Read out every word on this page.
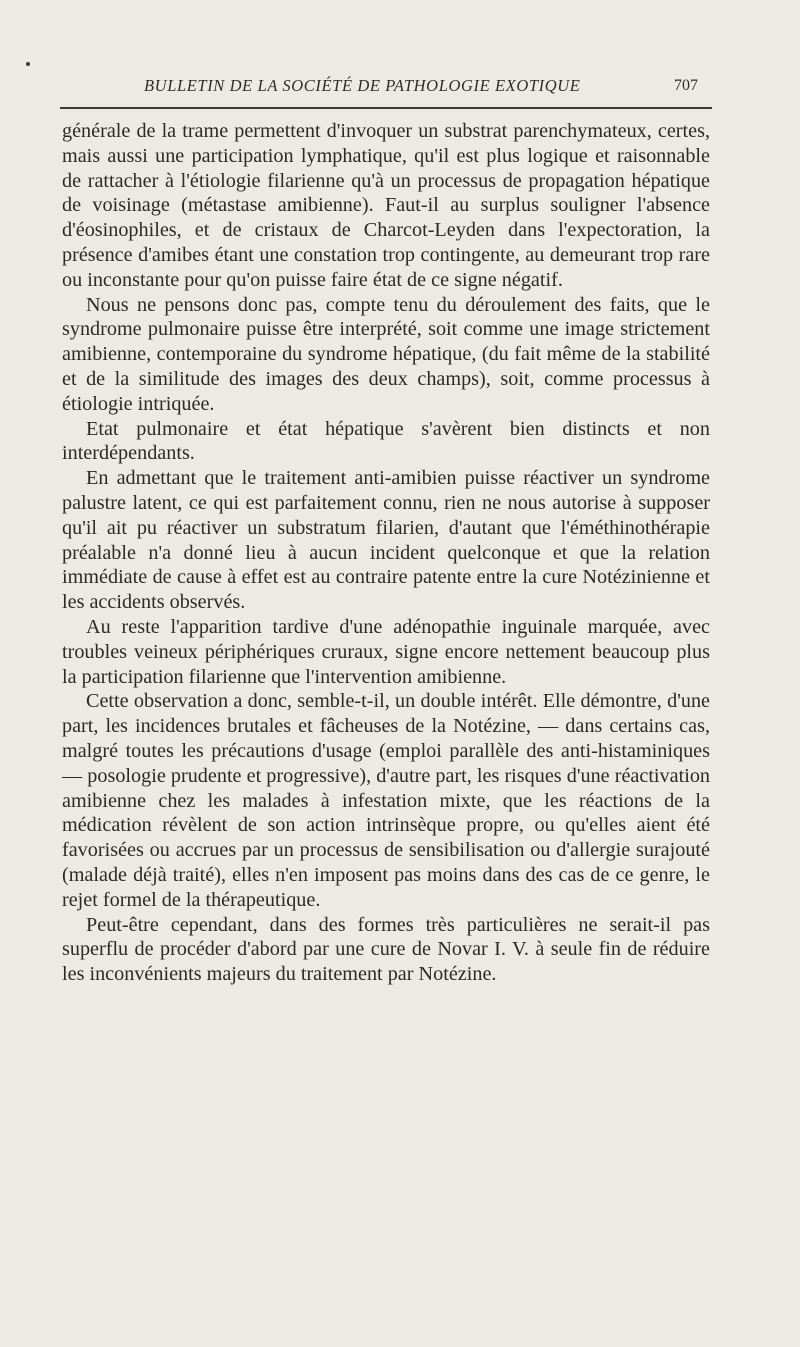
BULLETIN DE LA SOCIÉTÉ DE PATHOLOGIE EXOTIQUE	707

générale de la trame permettent d'invoquer un substrat parenchymateux, certes, mais aussi une participation lymphatique, qu'il est plus logique et raisonnable de rattacher à l'étiologie filarienne qu'à un processus de propagation hépatique de voisinage (métastase amibienne). Faut-il au surplus souligner l'absence d'éosinophiles, et de cristaux de Charcot-Leyden dans l'expectoration, la présence d'amibes étant une constation trop contingente, au demeurant trop rare ou inconstante pour qu'on puisse faire état de ce signe négatif.

Nous ne pensons donc pas, compte tenu du déroulement des faits, que le syndrome pulmonaire puisse être interprété, soit comme une image strictement amibienne, contemporaine du syndrome hépatique, (du fait même de la stabilité et de la similitude des images des deux champs), soit, comme processus à étiologie intriquée.

Etat pulmonaire et état hépatique s'avèrent bien distincts et non interdépendants.

En admettant que le traitement anti-amibien puisse réactiver un syndrome palustre latent, ce qui est parfaitement connu, rien ne nous autorise à supposer qu'il ait pu réactiver un substratum filarien, d'autant que l'éméthinothérapie préalable n'a donné lieu à aucun incident quelconque et que la relation immédiate de cause à effet est au contraire patente entre la cure Notézinienne et les accidents observés.

Au reste l'apparition tardive d'une adénopathie inguinale marquée, avec troubles veineux périphériques cruraux, signe encore nettement beaucoup plus la participation filarienne que l'intervention amibienne.

Cette observation a donc, semble-t-il, un double intérêt. Elle démontre, d'une part, les incidences brutales et fâcheuses de la Notézine, — dans certains cas, malgré toutes les précautions d'usage (emploi parallèle des anti-histaminiques — posologie prudente et progressive), d'autre part, les risques d'une réactivation amibienne chez les malades à infestation mixte, que les réactions de la médication révèlent de son action intrinsèque propre, ou qu'elles aient été favorisées ou accrues par un processus de sensibilisation ou d'allergie surajouté (malade déjà traité), elles n'en imposent pas moins dans des cas de ce genre, le rejet formel de la thérapeutique.

Peut-être cependant, dans des formes très particulières ne serait-il pas superflu de procéder d'abord par une cure de Novar I. V. à seule fin de réduire les inconvénients majeurs du traitement par Notézine.
